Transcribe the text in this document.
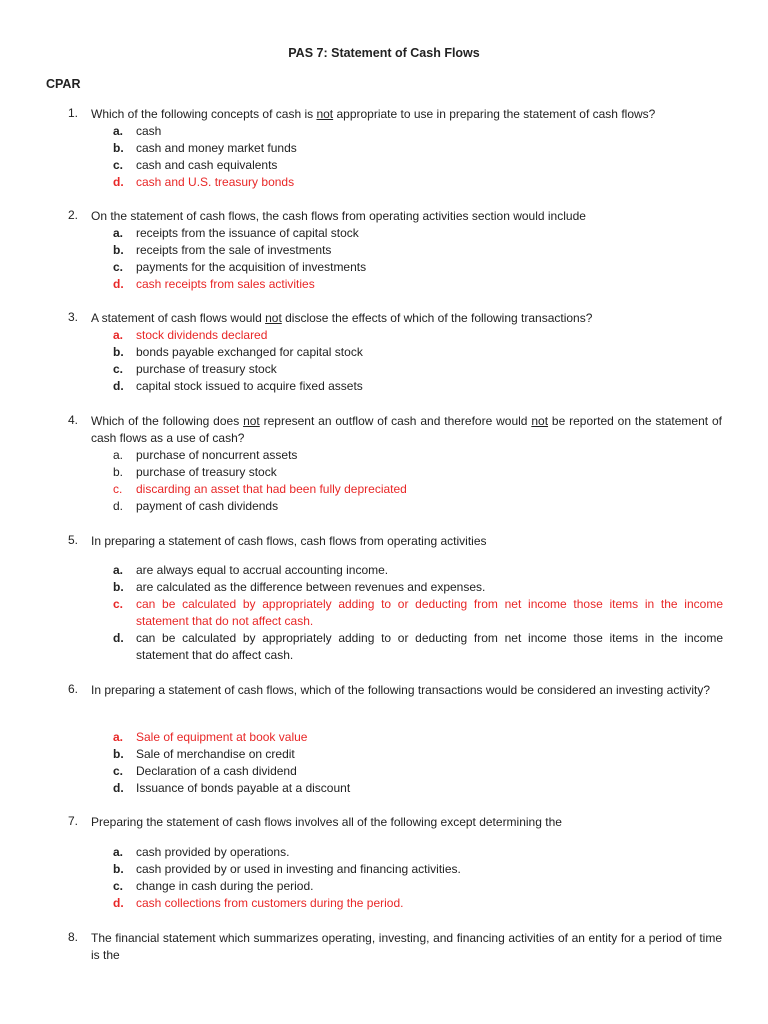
PAS 7: Statement of Cash Flows
CPAR
1. Which of the following concepts of cash is not appropriate to use in preparing the statement of cash flows?
a. cash
b. cash and money market funds
c. cash and cash equivalents
d. cash and U.S. treasury bonds
2. On the statement of cash flows, the cash flows from operating activities section would include
a. receipts from the issuance of capital stock
b. receipts from the sale of investments
c. payments for the acquisition of investments
d. cash receipts from sales activities
3. A statement of cash flows would not disclose the effects of which of the following transactions?
a. stock dividends declared
b. bonds payable exchanged for capital stock
c. purchase of treasury stock
d. capital stock issued to acquire fixed assets
4. Which of the following does not represent an outflow of cash and therefore would not be reported on the statement of cash flows as a use of cash?
a. purchase of noncurrent assets
b. purchase of treasury stock
c. discarding an asset that had been fully depreciated
d. payment of cash dividends
5. In preparing a statement of cash flows, cash flows from operating activities
a. are always equal to accrual accounting income.
b. are calculated as the difference between revenues and expenses.
c. can be calculated by appropriately adding to or deducting from net income those items in the income statement that do not affect cash.
d. can be calculated by appropriately adding to or deducting from net income those items in the income statement that do affect cash.
6. In preparing a statement of cash flows, which of the following transactions would be considered an investing activity?
a. Sale of equipment at book value
b. Sale of merchandise on credit
c. Declaration of a cash dividend
d. Issuance of bonds payable at a discount
7. Preparing the statement of cash flows involves all of the following except determining the
a. cash provided by operations.
b. cash provided by or used in investing and financing activities.
c. change in cash during the period.
d. cash collections from customers during the period.
8. The financial statement which summarizes operating, investing, and financing activities of an entity for a period of time is the
